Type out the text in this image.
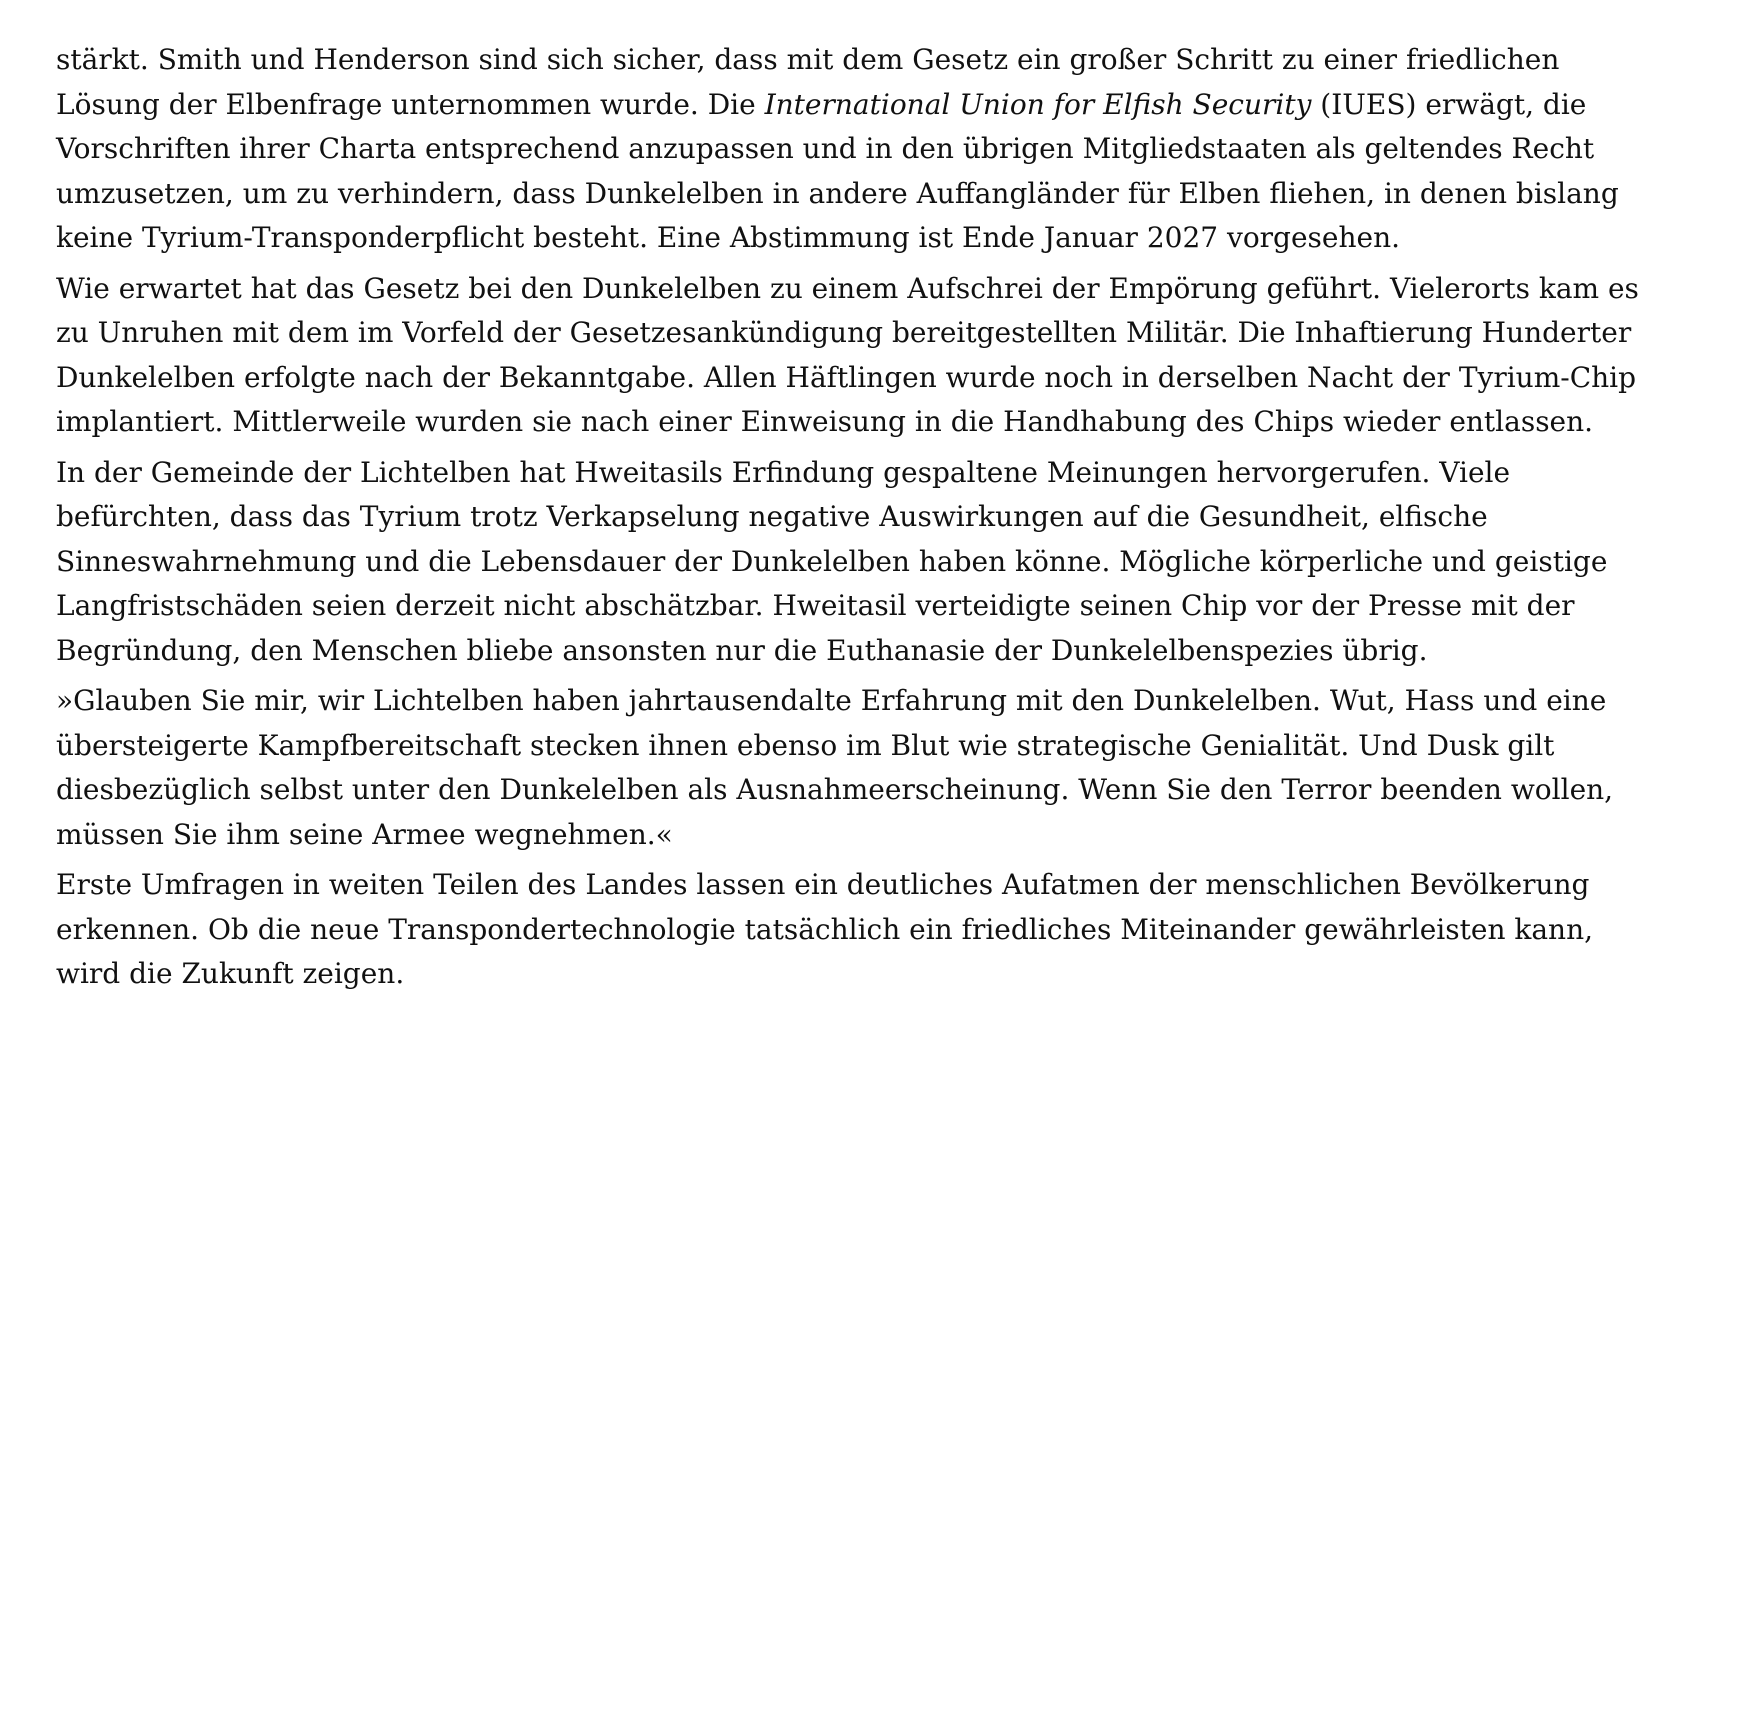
stärkt. Smith und Henderson sind sich sicher, dass mit dem Gesetz ein großer Schritt zu einer friedlichen Lösung der Elbenfrage unternommen wurde. Die International Union for Elfish Security (IUES) erwägt, die Vorschriften ihrer Charta entsprechend anzupassen und in den übrigen Mitgliedstaaten als geltendes Recht umzusetzen, um zu verhindern, dass Dunkelelben in andere Auffangländer für Elben fliehen, in denen bislang keine Tyrium-Transponderpflicht besteht. Eine Abstimmung ist Ende Januar 2027 vorgesehen.

Wie erwartet hat das Gesetz bei den Dunkelelben zu einem Aufschrei der Empörung geführt. Vielerorts kam es zu Unruhen mit dem im Vorfeld der Gesetzesankündigung bereitgestellten Militär. Die Inhaftierung Hunderter Dunkelelben erfolgte nach der Bekanntgabe. Allen Häftlingen wurde noch in derselben Nacht der Tyrium-Chip implantiert. Mittlerweile wurden sie nach einer Einweisung in die Handhabung des Chips wieder entlassen.

In der Gemeinde der Lichtelben hat Hweitasils Erfindung gespaltene Meinungen hervorgerufen. Viele befürchten, dass das Tyrium trotz Verkapselung negative Auswirkungen auf die Gesundheit, elfische Sinneswahrnehmung und die Lebensdauer der Dunkelelben haben könne. Mögliche körperliche und geistige Langfristschäden seien derzeit nicht abschätzbar. Hweitasil verteidigte seinen Chip vor der Presse mit der Begründung, den Menschen bliebe ansonsten nur die Euthanasie der Dunkelelbenspezies übrig.

»Glauben Sie mir, wir Lichtelben haben jahrtausendalte Erfahrung mit den Dunkelelben. Wut, Hass und eine übersteigerte Kampfbereitschaft stecken ihnen ebenso im Blut wie strategische Genialität. Und Dusk gilt diesbezüglich selbst unter den Dunkelelben als Ausnahmeerscheinung. Wenn Sie den Terror beenden wollen, müssen Sie ihm seine Armee wegnehmen.«

Erste Umfragen in weiten Teilen des Landes lassen ein deutliches Aufatmen der menschlichen Bevölkerung erkennen. Ob die neue Transpondertechnologie tatsächlich ein friedliches Miteinander gewährleisten kann, wird die Zukunft zeigen.
